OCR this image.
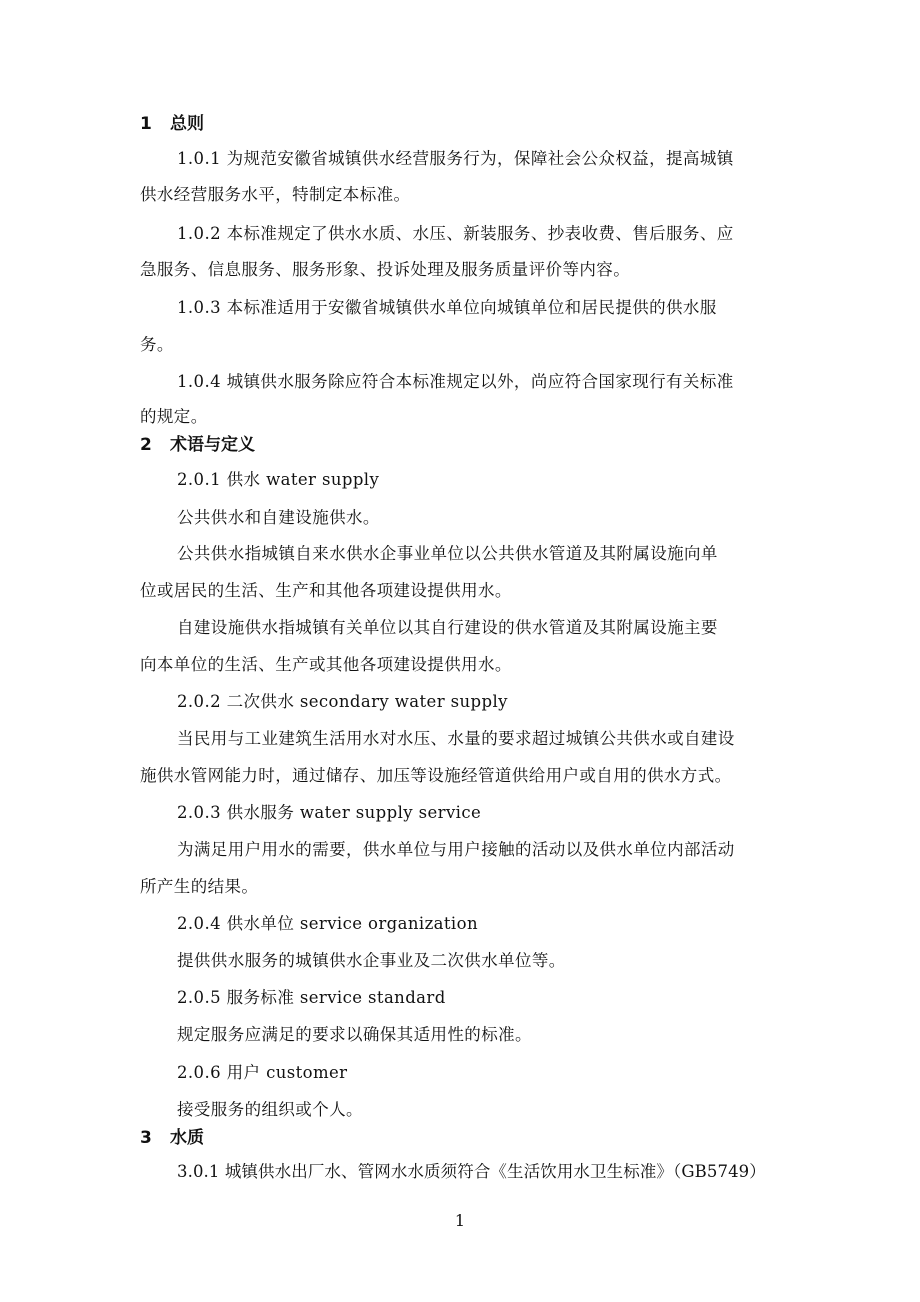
1 总则
1.0.1 为规范安徽省城镇供水经营服务行为，保障社会公众权益，提高城镇
供水经营服务水平，特制定本标准。
1.0.2 本标准规定了供水水质、水压、新装服务、抄表收费、售后服务、应
急服务、信息服务、服务形象、投诉处理及服务质量评价等内容。
1.0.3 本标准适用于安徽省城镇供水单位向城镇单位和居民提供的供水服
务。
1.0.4 城镇供水服务除应符合本标准规定以外，尚应符合国家现行有关标准
的规定。
2 术语与定义
2.0.1 供水 water supply
公共供水和自建设施供水。
公共供水指城镇自来水供水企事业单位以公共供水管道及其附属设施向单
位或居民的生活、生产和其他各项建设提供用水。
自建设施供水指城镇有关单位以其自行建设的供水管道及其附属设施主要
向本单位的生活、生产或其他各项建设提供用水。
2.0.2 二次供水 secondary water supply
当民用与工业建筑生活用水对水压、水量的要求超过城镇公共供水或自建设
施供水管网能力时，通过储存、加压等设施经管道供给用户或自用的供水方式。
2.0.3 供水服务 water supply service
为满足用户用水的需要，供水单位与用户接触的活动以及供水单位内部活动
所产生的结果。
2.0.4 供水单位 service organization
提供供水服务的城镇供水企事业及二次供水单位等。
2.0.5 服务标准 service standard
规定服务应满足的要求以确保其适用性的标准。
2.0.6 用户 customer
接受服务的组织或个人。
3 水质
3.0.1 城镇供水出厂水、管网水水质须符合《生活饮用水卫生标准》（GB5749）
1
